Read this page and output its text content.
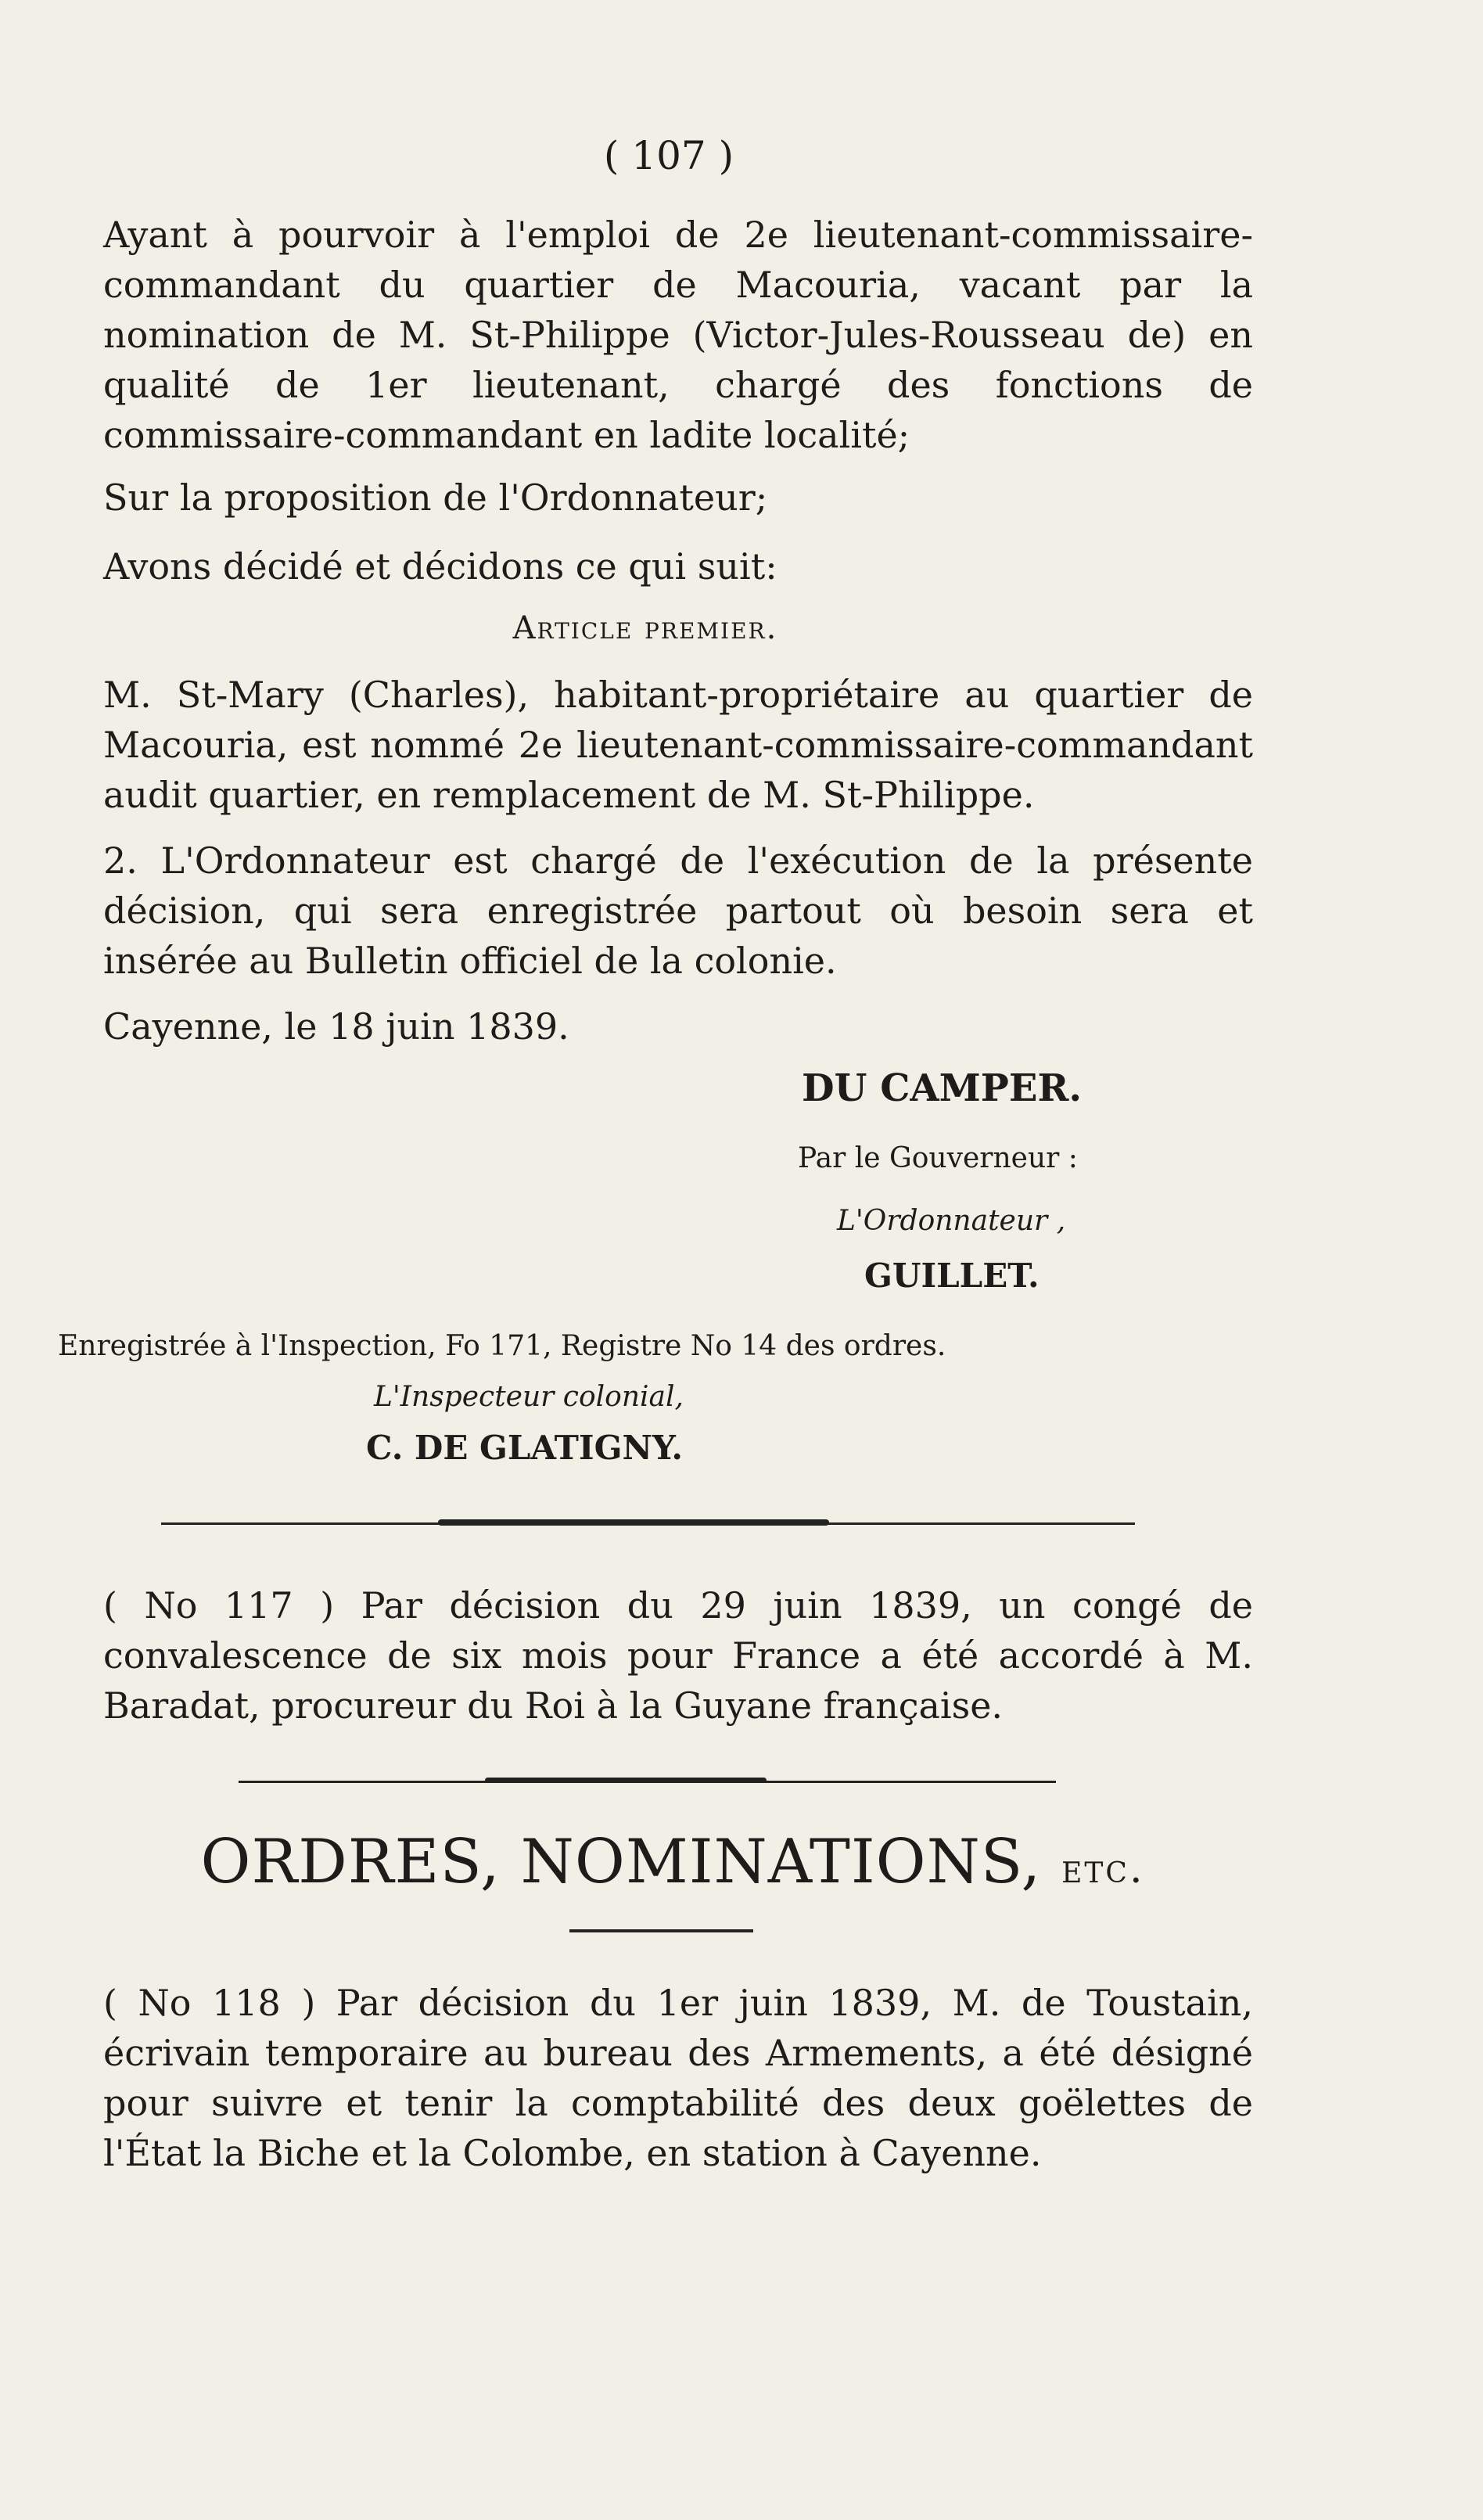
( 107 )

Ayant à pourvoir à l'emploi de 2e lieutenant-commissaire-commandant du quartier de Macouria, vacant par la nomination de M. St-Philippe (Victor-Jules-Rousseau de) en qualité de 1er lieutenant, chargé des fonctions de commissaire-commandant en ladite localité;

Sur la proposition de l'Ordonnateur;

Avons décidé et décidons ce qui suit:

Article premier.

M. St-Mary (Charles), habitant-propriétaire au quartier de Macouria, est nommé 2e lieutenant-commissaire-commandant audit quartier, en remplacement de M. St-Philippe.

2. L'Ordonnateur est chargé de l'exécution de la présente décision, qui sera enregistrée partout où besoin sera et insérée au Bulletin officiel de la colonie.

Cayenne, le 18 juin 1839.

DU CAMPER.
Par le Gouverneur :
L'Ordonnateur ,
GUILLET.
Enregistrée à l'Inspection, Fo 171, Registre No 14 des ordres.
L'Inspecteur colonial,
C. DE GLATIGNY.

( No 117 ) Par décision du 29 juin 1839, un congé de convalescence de six mois pour France a été accordé à M. Baradat, procureur du Roi à la Guyane française.

ORDRES, NOMINATIONS, etc.

( No 118 ) Par décision du 1er juin 1839, M. de Toustain, écrivain temporaire au bureau des Armements, a été désigné pour suivre et tenir la comptabilité des deux goëlettes de l'État la Biche et la Colombe, en station à Cayenne.
